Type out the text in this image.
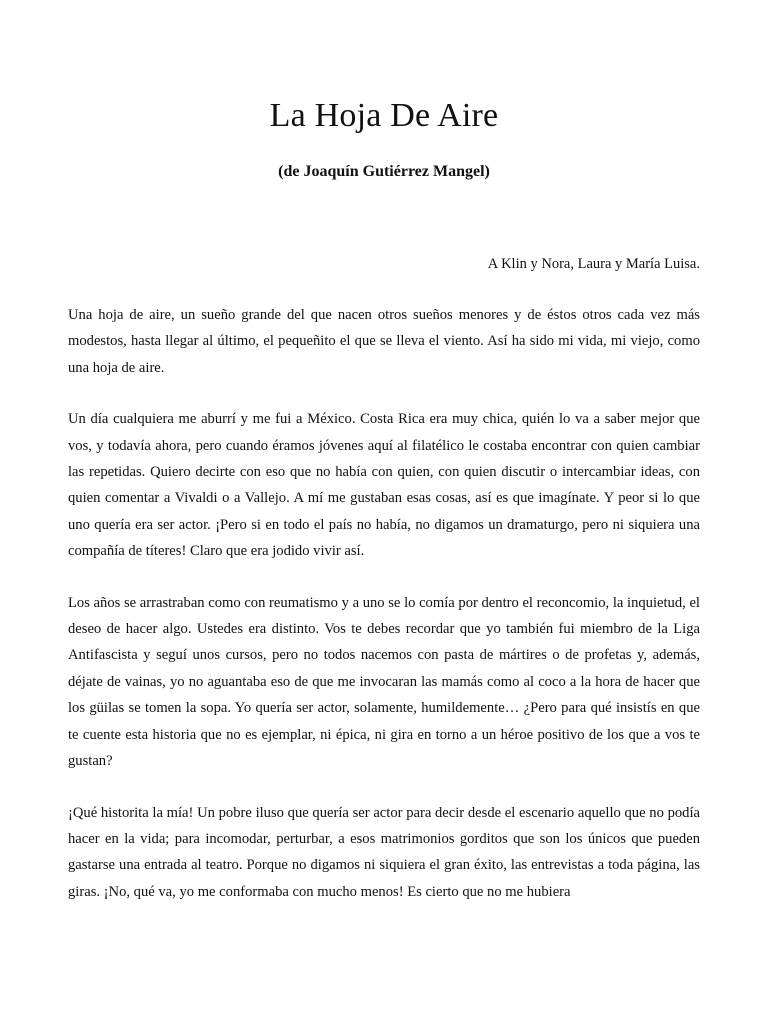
La Hoja De Aire

(de Joaquín Gutiérrez Mangel)

A Klin y Nora, Laura y María Luisa.

Una hoja de aire, un sueño grande del que nacen otros sueños menores y de éstos otros cada vez más modestos, hasta llegar al último, el pequeñito el que se lleva el viento. Así ha sido mi vida, mi viejo, como una hoja de aire.

Un día cualquiera me aburrí y me fui a México. Costa Rica era muy chica, quién lo va a saber mejor que vos, y todavía ahora, pero cuando éramos jóvenes aquí al filatélico le costaba encontrar con quien cambiar las repetidas. Quiero decirte con eso que no había con quien, con quien discutir o intercambiar ideas, con quien comentar a Vivaldi o a Vallejo. A mí me gustaban esas cosas, así es que imagínate. Y peor si lo que uno quería era ser actor. ¡Pero si en todo el país no había, no digamos un dramaturgo, pero ni siquiera una compañía de títeres! Claro que era jodido vivir así.

Los años se arrastraban como con reumatismo y a uno se lo comía por dentro el reconcomio, la inquietud, el deseo de hacer algo. Ustedes era distinto. Vos te debes recordar que yo también fui miembro de la Liga Antifascista y seguí unos cursos, pero no todos nacemos con pasta de mártires o de profetas y, además, déjate de vainas, yo no aguantaba eso de que me invocaran las mamás como al coco a la hora de hacer que los güilas se tomen la sopa. Yo quería ser actor, solamente, humildemente… ¿Pero para qué insistís en que te cuente esta historia que no es ejemplar, ni épica, ni gira en torno a un héroe positivo de los que a vos te gustan?

¡Qué historita la mía! Un pobre iluso que quería ser actor para decir desde el escenario aquello que no podía hacer en la vida; para incomodar, perturbar, a esos matrimonios gorditos que son los únicos que pueden gastarse una entrada al teatro. Porque no digamos ni siquiera el gran éxito, las entrevistas a toda página, las giras. ¡No, qué va, yo me conformaba con mucho menos! Es cierto que no me hubiera
